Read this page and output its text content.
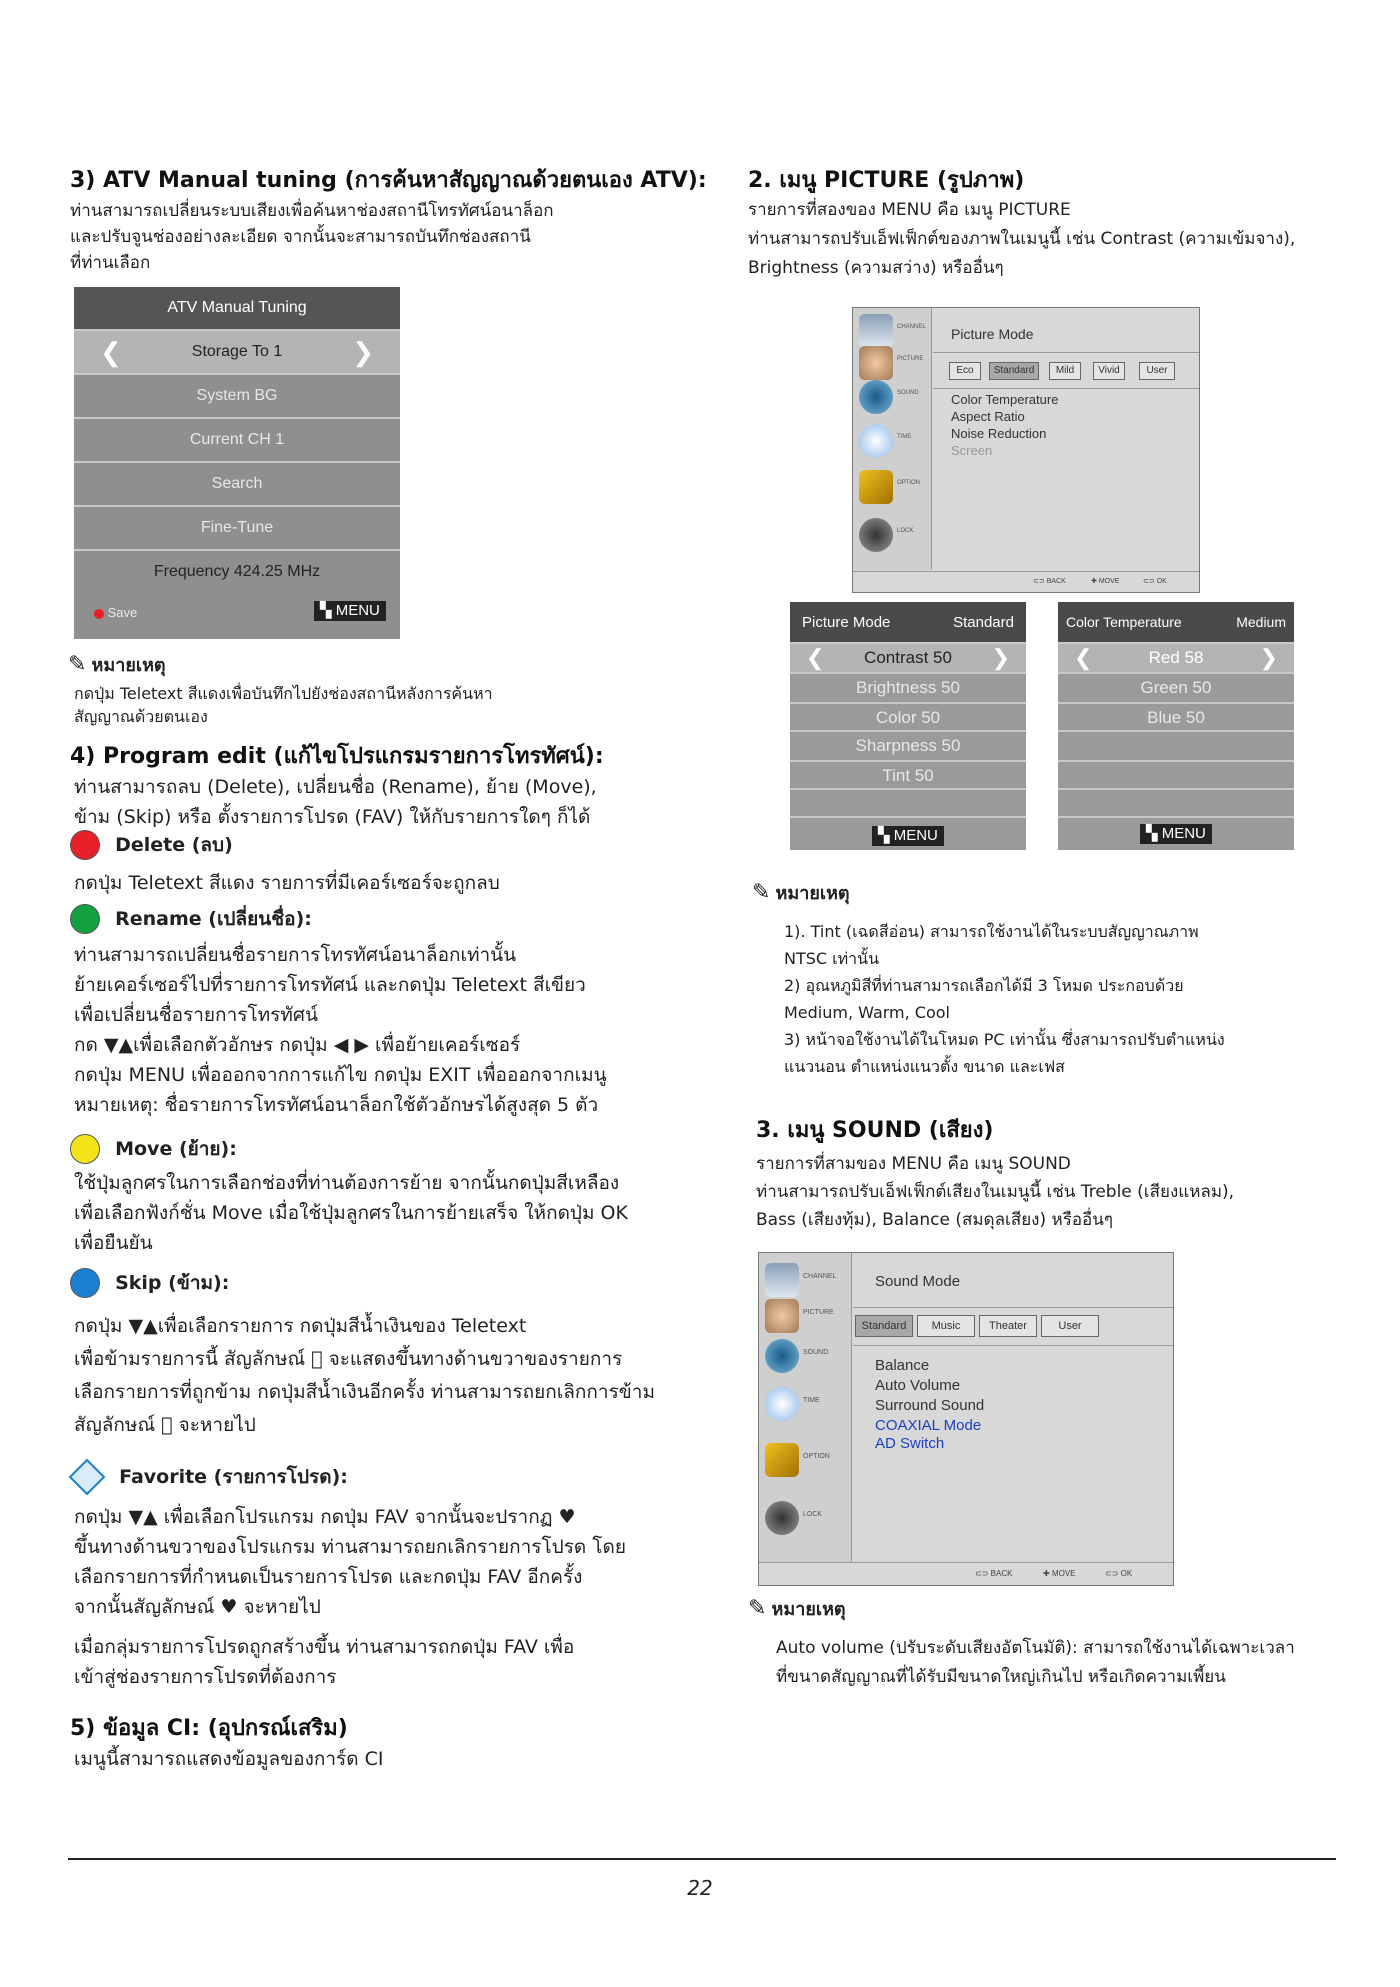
3) ATV Manual tuning (การค้นหาสัญญาณด้วยตนเอง ATV):

ท่านสามารถเปลี่ยนระบบเสียงเพื่อค้นหาช่องสถานีโทรทัศน์อนาล็อก

และปรับจูนช่องอย่างละเอียด จากนั้นจะสามารถบันทึกช่องสถานี

ที่ท่านเลือก

ATV Manual Tuning
❮	Storage To 1	❯
System BG
Current CH 1
Search
Fine-Tune
Frequency 424.25 MHz
Save	▚ MENU
✎ หมายเหตุ

กดปุ่ม Teletext สีแดงเพื่อบันทึกไปยังช่องสถานีหลังการค้นหา

สัญญาณด้วยตนเอง

4) Program edit (แก้ไขโปรแกรมรายการโทรทัศน์):

ท่านสามารถลบ (Delete), เปลี่ยนชื่อ (Rename), ย้าย (Move),

ข้าม (Skip) หรือ ตั้งรายการโปรด (FAV) ให้กับรายการใดๆ ก็ได้

Delete (ลบ)

กดปุ่ม Teletext สีแดง รายการที่มีเคอร์เซอร์จะถูกลบ

Rename (เปลี่ยนชื่อ):

ท่านสามารถเปลี่ยนชื่อรายการโทรทัศน์อนาล็อกเท่านั้น

ย้ายเคอร์เซอร์ไปที่รายการโทรทัศน์ และกดปุ่ม Teletext สีเขียว

เพื่อเปลี่ยนชื่อรายการโทรทัศน์

กด ▼▲เพื่อเลือกตัวอักษร กดปุ่ม ◀ ▶ เพื่อย้ายเคอร์เซอร์

กดปุ่ม MENU เพื่อออกจากการแก้ไข กดปุ่ม EXIT เพื่อออกจากเมนู

หมายเหตุ: ชื่อรายการโทรทัศน์อนาล็อกใช้ตัวอักษรได้สูงสุด 5 ตัว

Move (ย้าย):

ใช้ปุ่มลูกศรในการเลือกช่องที่ท่านต้องการย้าย จากนั้นกดปุ่มสีเหลือง

เพื่อเลือกฟังก์ชั่น Move เมื่อใช้ปุ่มลูกศรในการย้ายเสร็จ ให้กดปุ่ม OK

เพื่อยืนยัน

Skip (ข้าม):

กดปุ่ม ▼▲เพื่อเลือกรายการ กดปุ่มสีน้ำเงินของ Teletext

เพื่อข้ามรายการนี้ สัญลักษณ์ ⃠ จะแสดงขึ้นทางด้านขวาของรายการ

เลือกรายการที่ถูกข้าม กดปุ่มสีน้ำเงินอีกครั้ง ท่านสามารถยกเลิกการข้าม

สัญลักษณ์ ⃠ จะหายไป

Favorite (รายการโปรด):

กดปุ่ม ▼▲ เพื่อเลือกโปรแกรม กดปุ่ม FAV จากนั้นจะปรากฏ ♥

ขึ้นทางด้านขวาของโปรแกรม ท่านสามารถยกเลิกรายการโปรด โดย

เลือกรายการที่กำหนดเป็นรายการโปรด และกดปุ่ม FAV อีกครั้ง

จากนั้นสัญลักษณ์ ♥ จะหายไป

เมื่อกลุ่มรายการโปรดถูกสร้างขึ้น ท่านสามารถกดปุ่ม FAV เพื่อ

เข้าสู่ช่องรายการโปรดที่ต้องการ

5) ข้อมูล CI: (อุปกรณ์เสริม)

เมนูนี้สามารถแสดงข้อมูลของการ์ด CI

2. เมนู PICTURE (รูปภาพ)

รายการที่สองของ MENU คือ เมนู PICTURE

ท่านสามารถปรับเอ็ฟเฟ็กต์ของภาพในเมนูนี้ เช่น Contrast (ความเข้มจาง),

Brightness (ความสว่าง) หรืออื่นๆ

CHANNEL
PICTURE
SOUND
TIME
OPTION
LOCK
Picture Mode
Eco	Standard	Mild	Vivid	User
Color Temperature
Aspect Ratio
Noise Reduction
Screen
⊂⊃ BACK	✚ MOVE	⊂⊃ OK
Picture Mode	Standard
❮ Contrast 50 ❯
Brightness 50
Color 50
Sharpness 50
Tint 50
▚ MENU
Color Temperature	Medium
❮	Red 58	❯
Green 50
Blue 50
▚ MENU
✎ หมายเหตุ

1). Tint (เฉดสีอ่อน) สามารถใช้งานได้ในระบบสัญญาณภาพ

NTSC เท่านั้น

2) อุณหภูมิสีที่ท่านสามารถเลือกได้มี 3 โหมด ประกอบด้วย

Medium, Warm, Cool

3) หน้าจอใช้งานได้ในโหมด PC เท่านั้น ซึ่งสามารถปรับตำแหน่ง

แนวนอน ตำแหน่งแนวตั้ง ขนาด และเฟส

3. เมนู SOUND (เสียง)

รายการที่สามของ MENU คือ เมนู SOUND

ท่านสามารถปรับเอ็ฟเฟ็กต์เสียงในเมนูนี้ เช่น Treble (เสียงแหลม),

Bass (เสียงทุ้ม), Balance (สมดุลเสียง) หรืออื่นๆ

CHANNEL
PICTURE
SOUND
TIME
OPTION
LOCK
Sound Mode
Standard	Music	Theater	User
Balance
Auto Volume
Surround Sound
COAXIAL Mode
AD Switch
⊂⊃ BACK	✚ MOVE	⊂⊃ OK
✎ หมายเหตุ

Auto volume (ปรับระดับเสียงอัตโนมัติ): สามารถใช้งานได้เฉพาะเวลา

ที่ขนาดสัญญาณที่ได้รับมีขนาดใหญ่เกินไป หรือเกิดความเพี้ยน

22
